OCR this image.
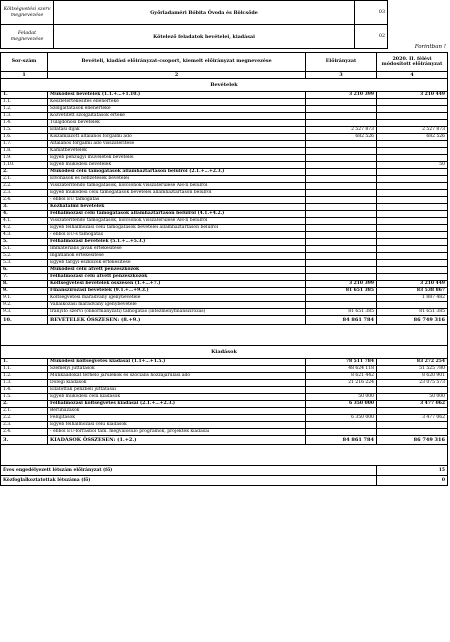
Költségvetési szerv megnevezése	Győrladaméri Bóbita Óvoda és Bölcsőde	03
Feladat megnevezése	Kötelező feladatok bevételei, kiadásai	02
Forintban !
Sor-szám	Bevételi, kiadási előirányzat-csoport, kiemelt előirányzat megnevezése	Előirányzat	2020. II. félévi módosított előirányzat
1	2	3	4
Bevételek			
1.	Működési bevételek (1.1.+…+1.10.)	3 210 399	3 210 449
1.1.	Készletértékesítés ellenértéke		
1.2.	Szolgáltatások ellenértéke		
1.3.	Közvetített szolgáltatások értéke		
1.4.	Tulajdonosi bevételek		
1.5.	Ellátási díjak	2 527 873	2 527 873
1.6.	Kiszámlázott általános forgalmi adó	682 526	682 526
1.7.	Általános forgalmi adó visszatérítése		
1.8.	Kamatbevételek		
1.9.	Egyéb pénzügyi műveletek bevételei		
1.10.	Egyéb működési bevételek		50
2.	Működési célú támogatások államháztartáson belülről (2.1.+…+2.3.)		
2.1.	Elvonások és befizetések bevételei		
2.2.	Visszatérítendő támogatások, kölcsönök visszatérülése ÁH-n belülről		
2.3.	Egyéb működési célú támogatások bevételei államháztartáson belülről		
2.4.	- ebből EU támogatás		
3.	Közhatalmi bevételek		
4.	Felhalmozási célú támogatások államháztartáson belülről (4.1.+4.2.)		
4.1.	Visszatérítendő támogatások, kölcsönök visszatérülése ÁH-n belülről		
4.2.	Egyéb felhalmozási célú támogatások bevételei államháztartáson belülről		
4.3.	- ebből EU-s támogatás		
5.	Felhalmozási bevételek (5.1.+…+5.3.)		
5.1.	Immateriális javak értékesítése		
5.2.	Ingatlanok értékesítése		
5.3.	Egyéb tárgyi eszközök értékesítése		
6.	Működési célú átvett pénzeszközök		
7.	Felhalmozási célú átvett pénzeszközök		
8.	Költségvetési bevételek összesen (1.+…+7.)	3 210 399	3 210 449
9.	Finanszírozási bevételek (9.1.+…+9.3.)	81 651 385	83 538 867
9.1.	Költségvetési maradvány igénybevétele		1 887 482
9.2.	Vállalkozási maradvány igénybevétele		
9.3.	Irányító szervi (önkormányzati) támogatás (intézményfinanszírozás)	81 651 385	81 651 385
10.	BEVÉTELEK ÖSSZESEN: (8.+9.)	84 861 784	86 749 316

Kiadások			
1.	Működési költségvetés kiadásai (1.1+…+1.5.)	78 511 784	83 272 254
1.1.	Személyi juttatások	48 624 118	51 525 780
1.2.	Munkaadókat terhelő járulékok és szociális hozzájárulási adó	8 621 442	8 620 901
1.3.	Dologi kiadások	21 216 224	23 075 573
1.4.	Ellátottak pénzbeli juttatásai		
1.5.	Egyéb működési célú kiadások	50 000	50 000
2.	Felhalmozási költségvetés kiadásai (2.1.+…+2.3.)	6 350 000	3 477 062
2.1.	Beruházások		
2.2.	Felújítások	6 350 000	3 477 062
2.3.	Egyéb felhalmozási célú kiadások		
2.4.	- ebből EU-forrásból tám. megvalósuló programok, projektek kiadásai		
3.	KIADÁSOK ÖSSZESEN: (1.+2.)	84 861 784	86 749 316

Éves engedélyezett létszám előirányzat (fő)			15
Közfoglalkoztatottak létszáma (fő)			0
